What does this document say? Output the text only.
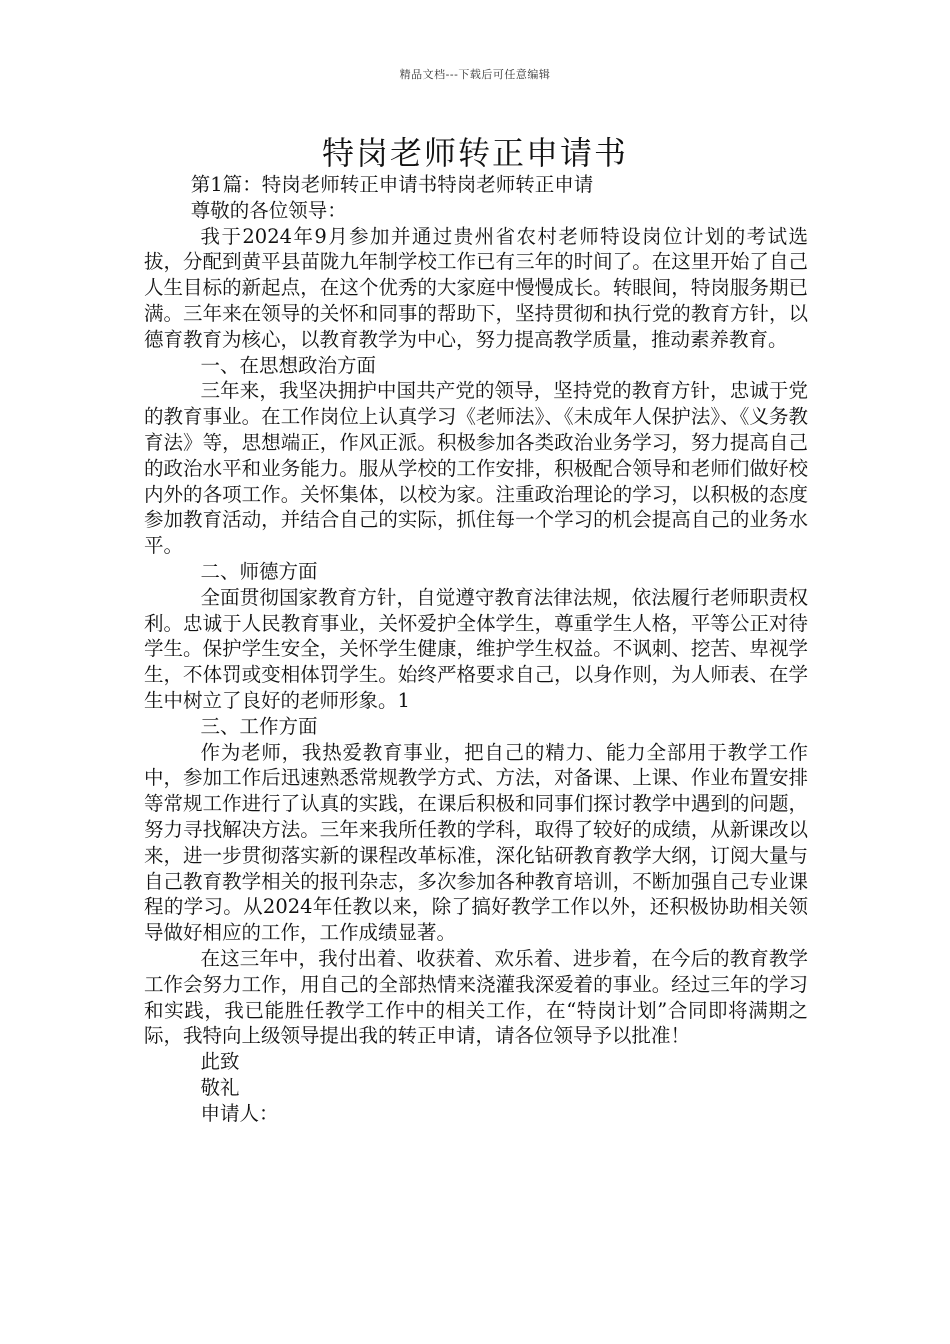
精品文档---下载后可任意编辑
特岗老师转正申请书

第1篇：特岗老师转正申请书特岗老师转正申请

尊敬的各位领导：

我于2024年9月参加并通过贵州省农村老师特设岗位计划的考试选拔，分配到黄平县苗陇九年制学校工作已有三年的时间了。在这里开始了自己人生目标的新起点，在这个优秀的大家庭中慢慢成长。转眼间，特岗服务期已满。三年来在领导的关怀和同事的帮助下，坚持贯彻和执行党的教育方针，以德育教育为核心，以教育教学为中心，努力提高教学质量，推动素养教育。

一、在思想政治方面

三年来，我坚决拥护中国共产党的领导，坚持党的教育方针，忠诚于党的教育事业。在工作岗位上认真学习《老师法》、《未成年人保护法》、《义务教育法》等，思想端正，作风正派。积极参加各类政治业务学习，努力提高自己的政治水平和业务能力。服从学校的工作安排，积极配合领导和老师们做好校内外的各项工作。关怀集体，以校为家。注重政治理论的学习，以积极的态度参加教育活动，并结合自己的实际，抓住每一个学习的机会提高自己的业务水平。

二、师德方面

全面贯彻国家教育方针，自觉遵守教育法律法规，依法履行老师职责权利。忠诚于人民教育事业，关怀爱护全体学生，尊重学生人格，平等公正对待学生。保护学生安全，关怀学生健康，维护学生权益。不讽刺、挖苦、卑视学生，不体罚或变相体罚学生。始终严格要求自己，以身作则，为人师表、在学生中树立了良好的老师形象。1

三、工作方面

作为老师，我热爱教育事业，把自己的精力、能力全部用于教学工作中，参加工作后迅速熟悉常规教学方式、方法，对备课、上课、作业布置安排等常规工作进行了认真的实践，在课后积极和同事们探讨教学中遇到的问题，努力寻找解决方法。三年来我所任教的学科，取得了较好的成绩，从新课改以来，进一步贯彻落实新的课程改革标准，深化钻研教育教学大纲，订阅大量与自己教育教学相关的报刊杂志，多次参加各种教育培训，不断加强自己专业课程的学习。从2024年任教以来，除了搞好教学工作以外，还积极协助相关领导做好相应的工作，工作成绩显著。

在这三年中，我付出着、收获着、欢乐着、进步着，在今后的教育教学工作会努力工作，用自己的全部热情来浇灌我深爱着的事业。经过三年的学习和实践，我已能胜任教学工作中的相关工作，在“特岗计划”合同即将满期之际，我特向上级领导提出我的转正申请，请各位领导予以批准！

此致

敬礼

申请人：
